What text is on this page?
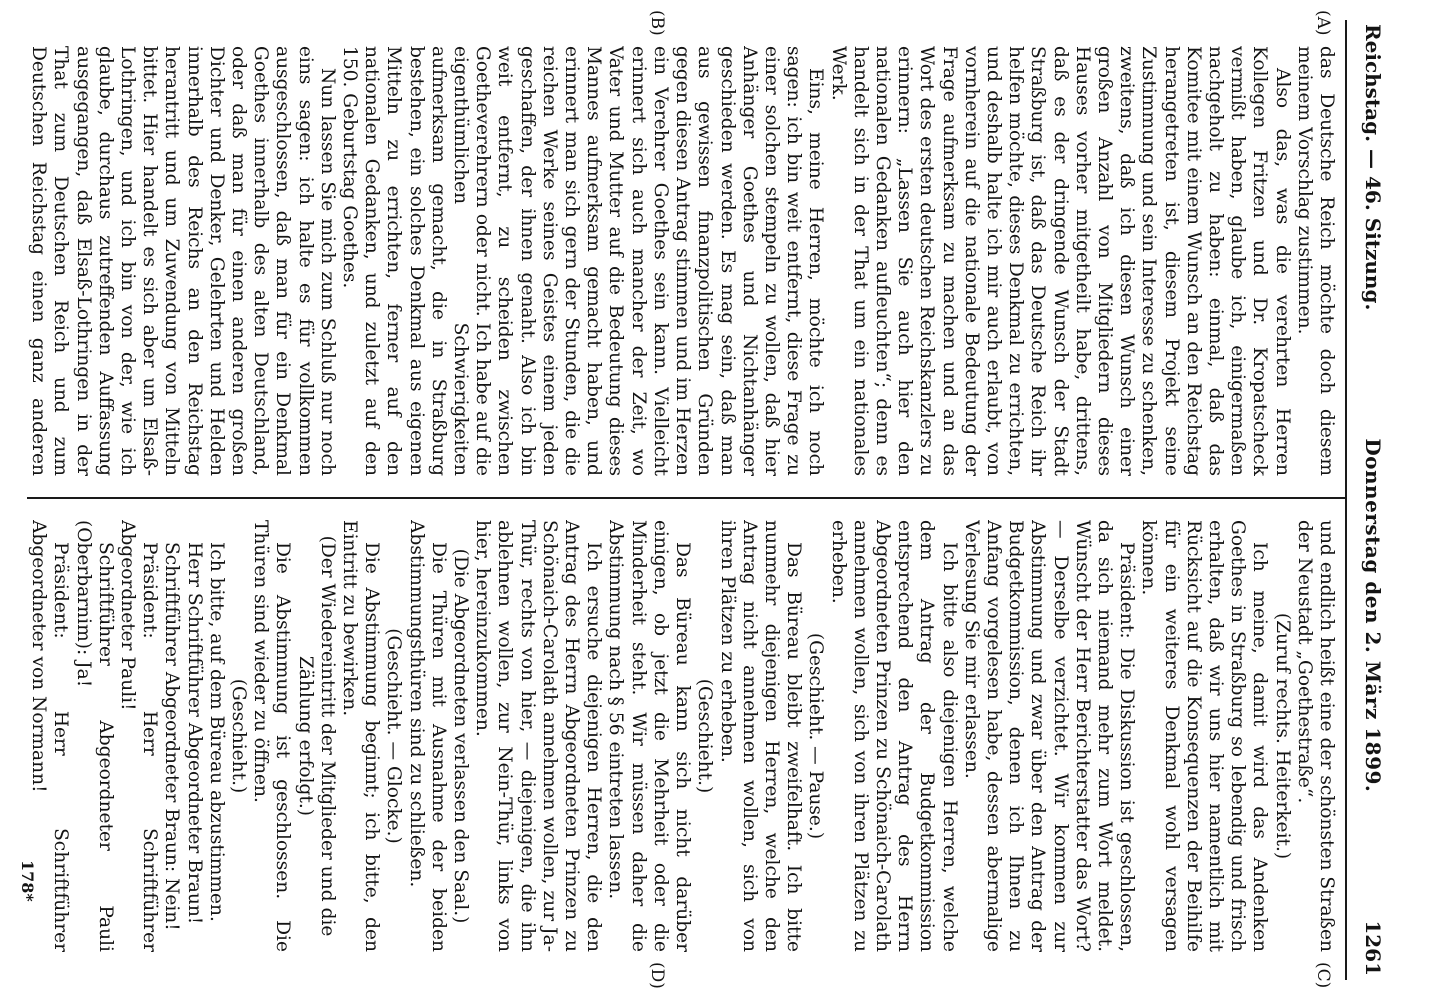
Reichstag. — 46. Sitzung.
Donnerstag den 2. März 1899.
1261
(A)
(B)
(C)
(D)

das Deutsche Reich möchte doch diesem meinem Vorschlag zustimmen.

Also das, was die verehrten Herren Kollegen Fritzen und Dr. Kropatscheck vermißt haben, glaube ich, einigermaßen nachgeholt zu haben: einmal, daß das Komitee mit einem Wunsch an den Reichstag herangetreten ist, diesem Projekt seine Zustimmung und sein Interesse zu schenken, zweitens, daß ich diesen Wunsch einer großen Anzahl von Mitgliedern dieses Hauses vorher mitgetheilt habe, drittens, daß es der dringende Wunsch der Stadt Straßburg ist, daß das Deutsche Reich ihr helfen möchte, dieses Denkmal zu errichten, und deshalb halte ich mir auch erlaubt, von vornherein auf die nationale Bedeutung der Frage aufmerksam zu machen und an das Wort des ersten deutschen Reichskanzlers zu erinnern: „Lassen Sie auch hier den nationalen Gedanken aufleuchten“; denn es handelt sich in der That um ein nationales Werk.

Eins, meine Herren, möchte ich noch sagen: ich bin weit entfernt, diese Frage zu einer solchen stempeln zu wollen, daß hier Anhänger Goethes und Nichtanhänger geschieden werden. Es mag sein, daß man aus gewissen finanzpolitischen Gründen gegen diesen Antrag stimmen und im Herzen ein Verehrer Goethes sein kann. Vielleicht erinnert sich auch mancher der Zeit, wo Vater und Mutter auf die Bedeutung dieses Mannes aufmerksam gemacht haben, und erinnert man sich gern der Stunden, die die reichen Werke seines Geistes einem jeden geschaffen, der ihnen genaht. Also ich bin weit entfernt, zu scheiden zwischen Goetheverehrern oder nicht. Ich habe auf die eigenthümlichen Schwierigkeiten aufmerksam gemacht, die in Straßburg bestehen, ein solches Denkmal aus eigenen Mitteln zu errichten, ferner auf den nationalen Gedanken, und zuletzt auf den 150. Geburtstag Goethes.

Nun lassen Sie mich zum Schluß nur noch eins sagen: ich halte es für vollkommen ausgeschlossen, daß man für ein Denkmal Goethes innerhalb des alten Deutschland, oder daß man für einen anderen großen Dichter und Denker, Gelehrten und Helden innerhalb des Reichs an den Reichstag herantritt und um Zuwendung von Mitteln bittet. Hier handelt es sich aber um Elsaß-Lothringen, und ich bin von der, wie ich glaube, durchaus zutreffenden Auffassung ausgegangen, daß Elsaß-Lothringen in der That zum Deutschen Reich und zum Deutschen Reichstag einen ganz anderen

und endlich heißt eine der schönsten Straßen der Neustadt „Goethestraße“.

(Zuruf rechts. Heiterkeit.)

Ich meine, damit wird das Andenken Goethes in Straßburg so lebendig und frisch erhalten, daß wir uns hier namentlich mit Rücksicht auf die Konsequenzen der Beihilfe für ein weiteres Denkmal wohl versagen können.

Präsident: Die Diskussion ist geschlossen, da sich niemand mehr zum Wort meldet. Wünscht der Herr Berichterstatter das Wort? — Derselbe verzichtet. Wir kommen zur Abstimmung und zwar über den Antrag der Budgetkommission, denen ich Ihnen zu Anfang vorgelesen habe, dessen abermalige Verlesung Sie mir erlassen.

Ich bitte also diejenigen Herren, welche dem Antrag der Budgetkommission entsprechend den Antrag des Herrn Abgeordneten Prinzen zu Schönaich-Carolath annehmen wollen, sich von ihren Plätzen zu erheben.

(Geschieht. — Pause.)

Das Büreau bleibt zweifelhaft. Ich bitte nunmehr diejenigen Herren, welche den Antrag nicht annehmen wollen, sich von ihren Plätzen zu erheben.

(Geschieht.)

Das Büreau kann sich nicht darüber einigen, ob jetzt die Mehrheit oder die Minderheit steht. Wir müssen daher die Abstimmung nach § 56 eintreten lassen.

Ich ersuche diejenigen Herren, die den Antrag des Herrn Abgeordneten Prinzen zu Schönaich-Carolath annehmen wollen, zur Ja-Thür, rechts von hier, — diejenigen, die ihn ablehnen wollen, zur Nein-Thür, links von hier, hereinzukommen.

(Die Abgeordneten verlassen den Saal.)

Die Thüren mit Ausnahme der beiden Abstimmungsthüren sind zu schließen.

(Geschieht. — Glocke.)

Die Abstimmung beginnt; ich bitte, den Eintritt zu bewirken.

(Der Wiedereintritt der Mitglieder und die Zählung erfolgt.)

Die Abstimmung ist geschlossen. Die Thüren sind wieder zu öffnen.

(Geschieht.)

Ich bitte, auf dem Büreau abzustimmen.

Herr Schriftführer Abgeordneter Braun!

Schriftführer Abgeordneter Braun: Nein!

Präsident: Herr Schriftführer Abgeordneter Pauli!

Schriftführer Abgeordneter Pauli (Oberbarnim): Ja!

Präsident: Herr Schriftführer Abgeordneter von Normann!

178*
